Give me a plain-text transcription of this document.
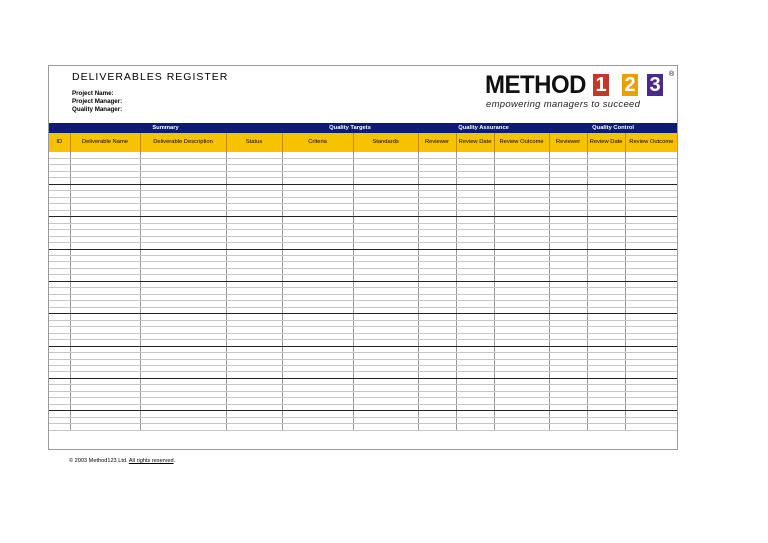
DELIVERABLES REGISTER
Project Name:
Project Manager:
Quality Manager:
METHOD 1 2 3	®
empowering managers to succeed
Summary				Quality Targets		Quality Assurance			Quality Control		
ID	Deliverable Name	Deliverable Description	Status	Criteria	Standards	Reviewer	Review Date	Review Outcome	Reviewer	Review Date	Review Outcome

© 2003 Method123 Ltd. All rights reserved.
